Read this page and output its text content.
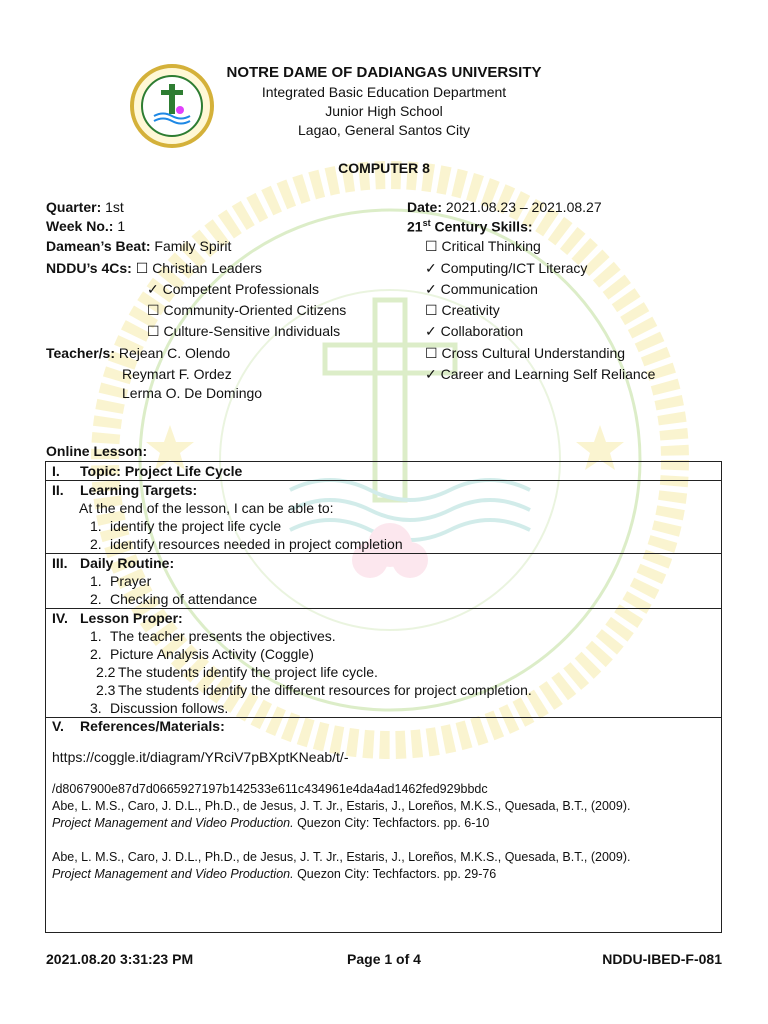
NOTRE DAME OF DADIANGAS UNIVERSITY
Integrated Basic Education Department
Junior High School
Lagao, General Santos City
COMPUTER 8
Quarter: 1st
Week No.: 1
Damean’s Beat: Family Spirit
NDDU’s 4Cs: ☐ Christian Leaders
✓ Competent Professionals
☐ Community-Oriented Citizens
☐ Culture-Sensitive Individuals
Teacher/s: Rejean C. Olendo
Reymart F. Ordez
Lerma O. De Domingo
Date: 2021.08.23 – 2021.08.27
21st Century Skills:
☐ Critical Thinking
✓ Computing/ICT Literacy
✓ Communication
☐ Creativity
✓ Collaboration
☐ Cross Cultural Understanding
✓ Career and Learning Self Reliance
Online Lesson:
I. Topic: Project Life Cycle

II. Learning Targets:
At the end of the lesson, I can be able to:
1. identify the project life cycle
2. identify resources needed in project completion

III. Daily Routine:
1. Prayer
2. Checking of attendance

IV. Lesson Proper:
1. The teacher presents the objectives.
2. Picture Analysis Activity (Coggle)
2.2 The students identify the project life cycle.
2.3 The students identify the different resources for project completion.
3. Discussion follows.

V. References/Materials:
https://coggle.it/diagram/YRciV7pBXptKNeab/t/-
/d8067900e87d7d0665927197b142533e611c434961e4da4ad1462fed929bbdc
Abe, L. M.S., Caro, J. D.L., Ph.D., de Jesus, J. T. Jr., Estaris, J., Loreños, M.K.S., Quesada, B.T., (2009).
Project Management and Video Production. Quezon City: Techfactors. pp. 6-10
Abe, L. M.S., Caro, J. D.L., Ph.D., de Jesus, J. T. Jr., Estaris, J., Loreños, M.K.S., Quesada, B.T., (2009).
Project Management and Video Production. Quezon City: Techfactors. pp. 29-76
2021.08.20 3:31:23 PM	Page 1 of 4	NDDU-IBED-F-081
